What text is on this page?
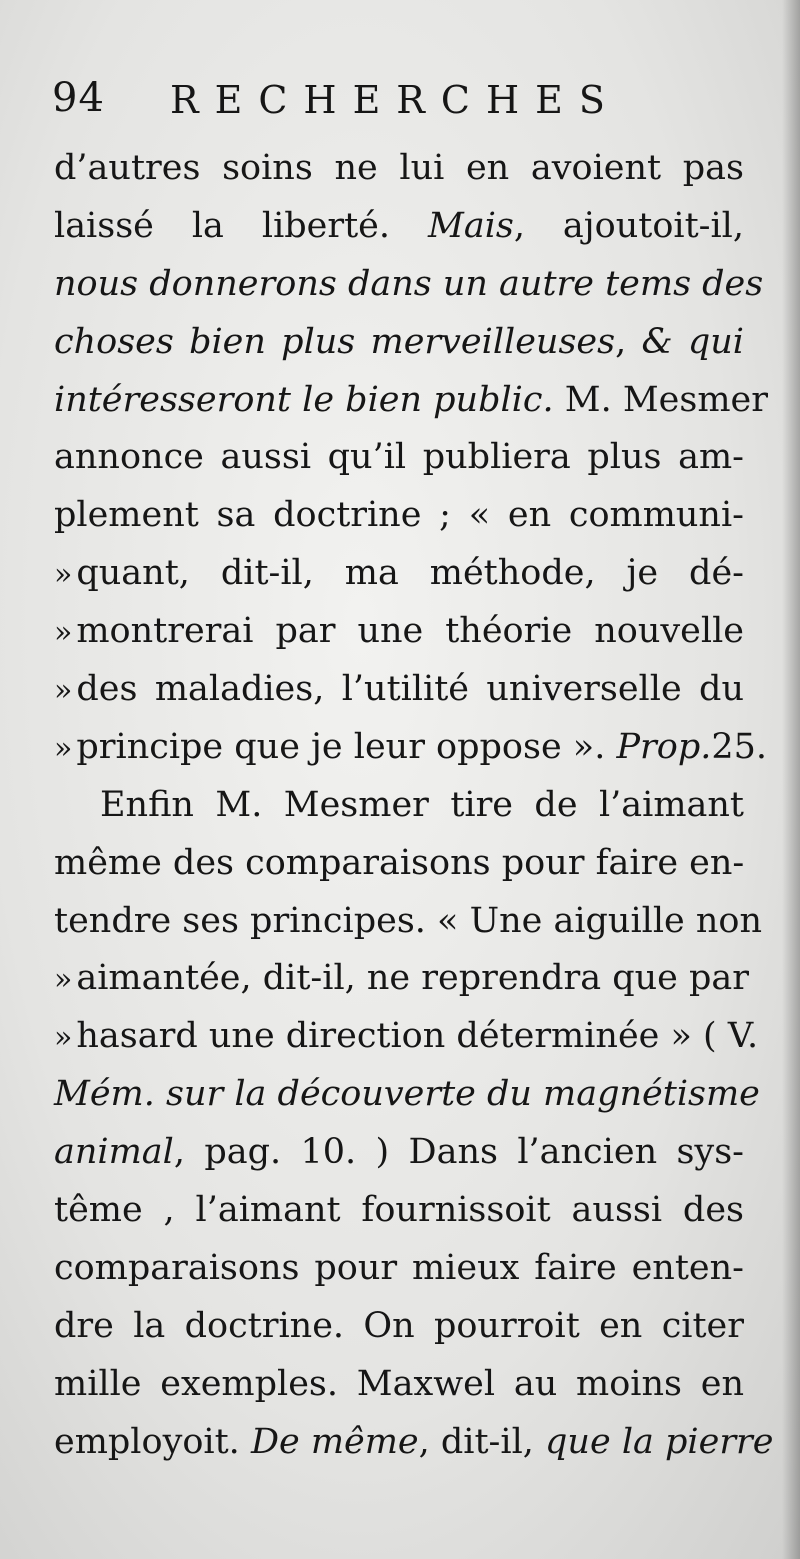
94 RECHERCHES
d’autres soins ne lui en avoient pas
laissé la liberté. Mais, ajoutoit-il,
nous donnerons dans un autre tems des
choses bien plus merveilleuses, & qui
intéresseront le bien public. M. Mesmer
annonce aussi qu’il publiera plus am-
plement sa doctrine ; « en communi-
» quant, dit-il, ma méthode, je dé-
» montrerai par une théorie nouvelle
» des maladies, l’utilité universelle du
» principe que je leur oppose ». Prop.25.
Enfin M. Mesmer tire de l’aimant
même des comparaisons pour faire en-
tendre ses principes. « Une aiguille non
» aimantée, dit-il, ne reprendra que par
» hasard une direction déterminée » ( V.
Mém. sur la découverte du magnétisme
animal, pag. 10. ) Dans l’ancien sys-
tême , l’aimant fournissoit aussi des
comparaisons pour mieux faire enten-
dre la doctrine. On pourroit en citer
mille exemples. Maxwel au moins en
employoit. De même, dit-il, que la pierre
